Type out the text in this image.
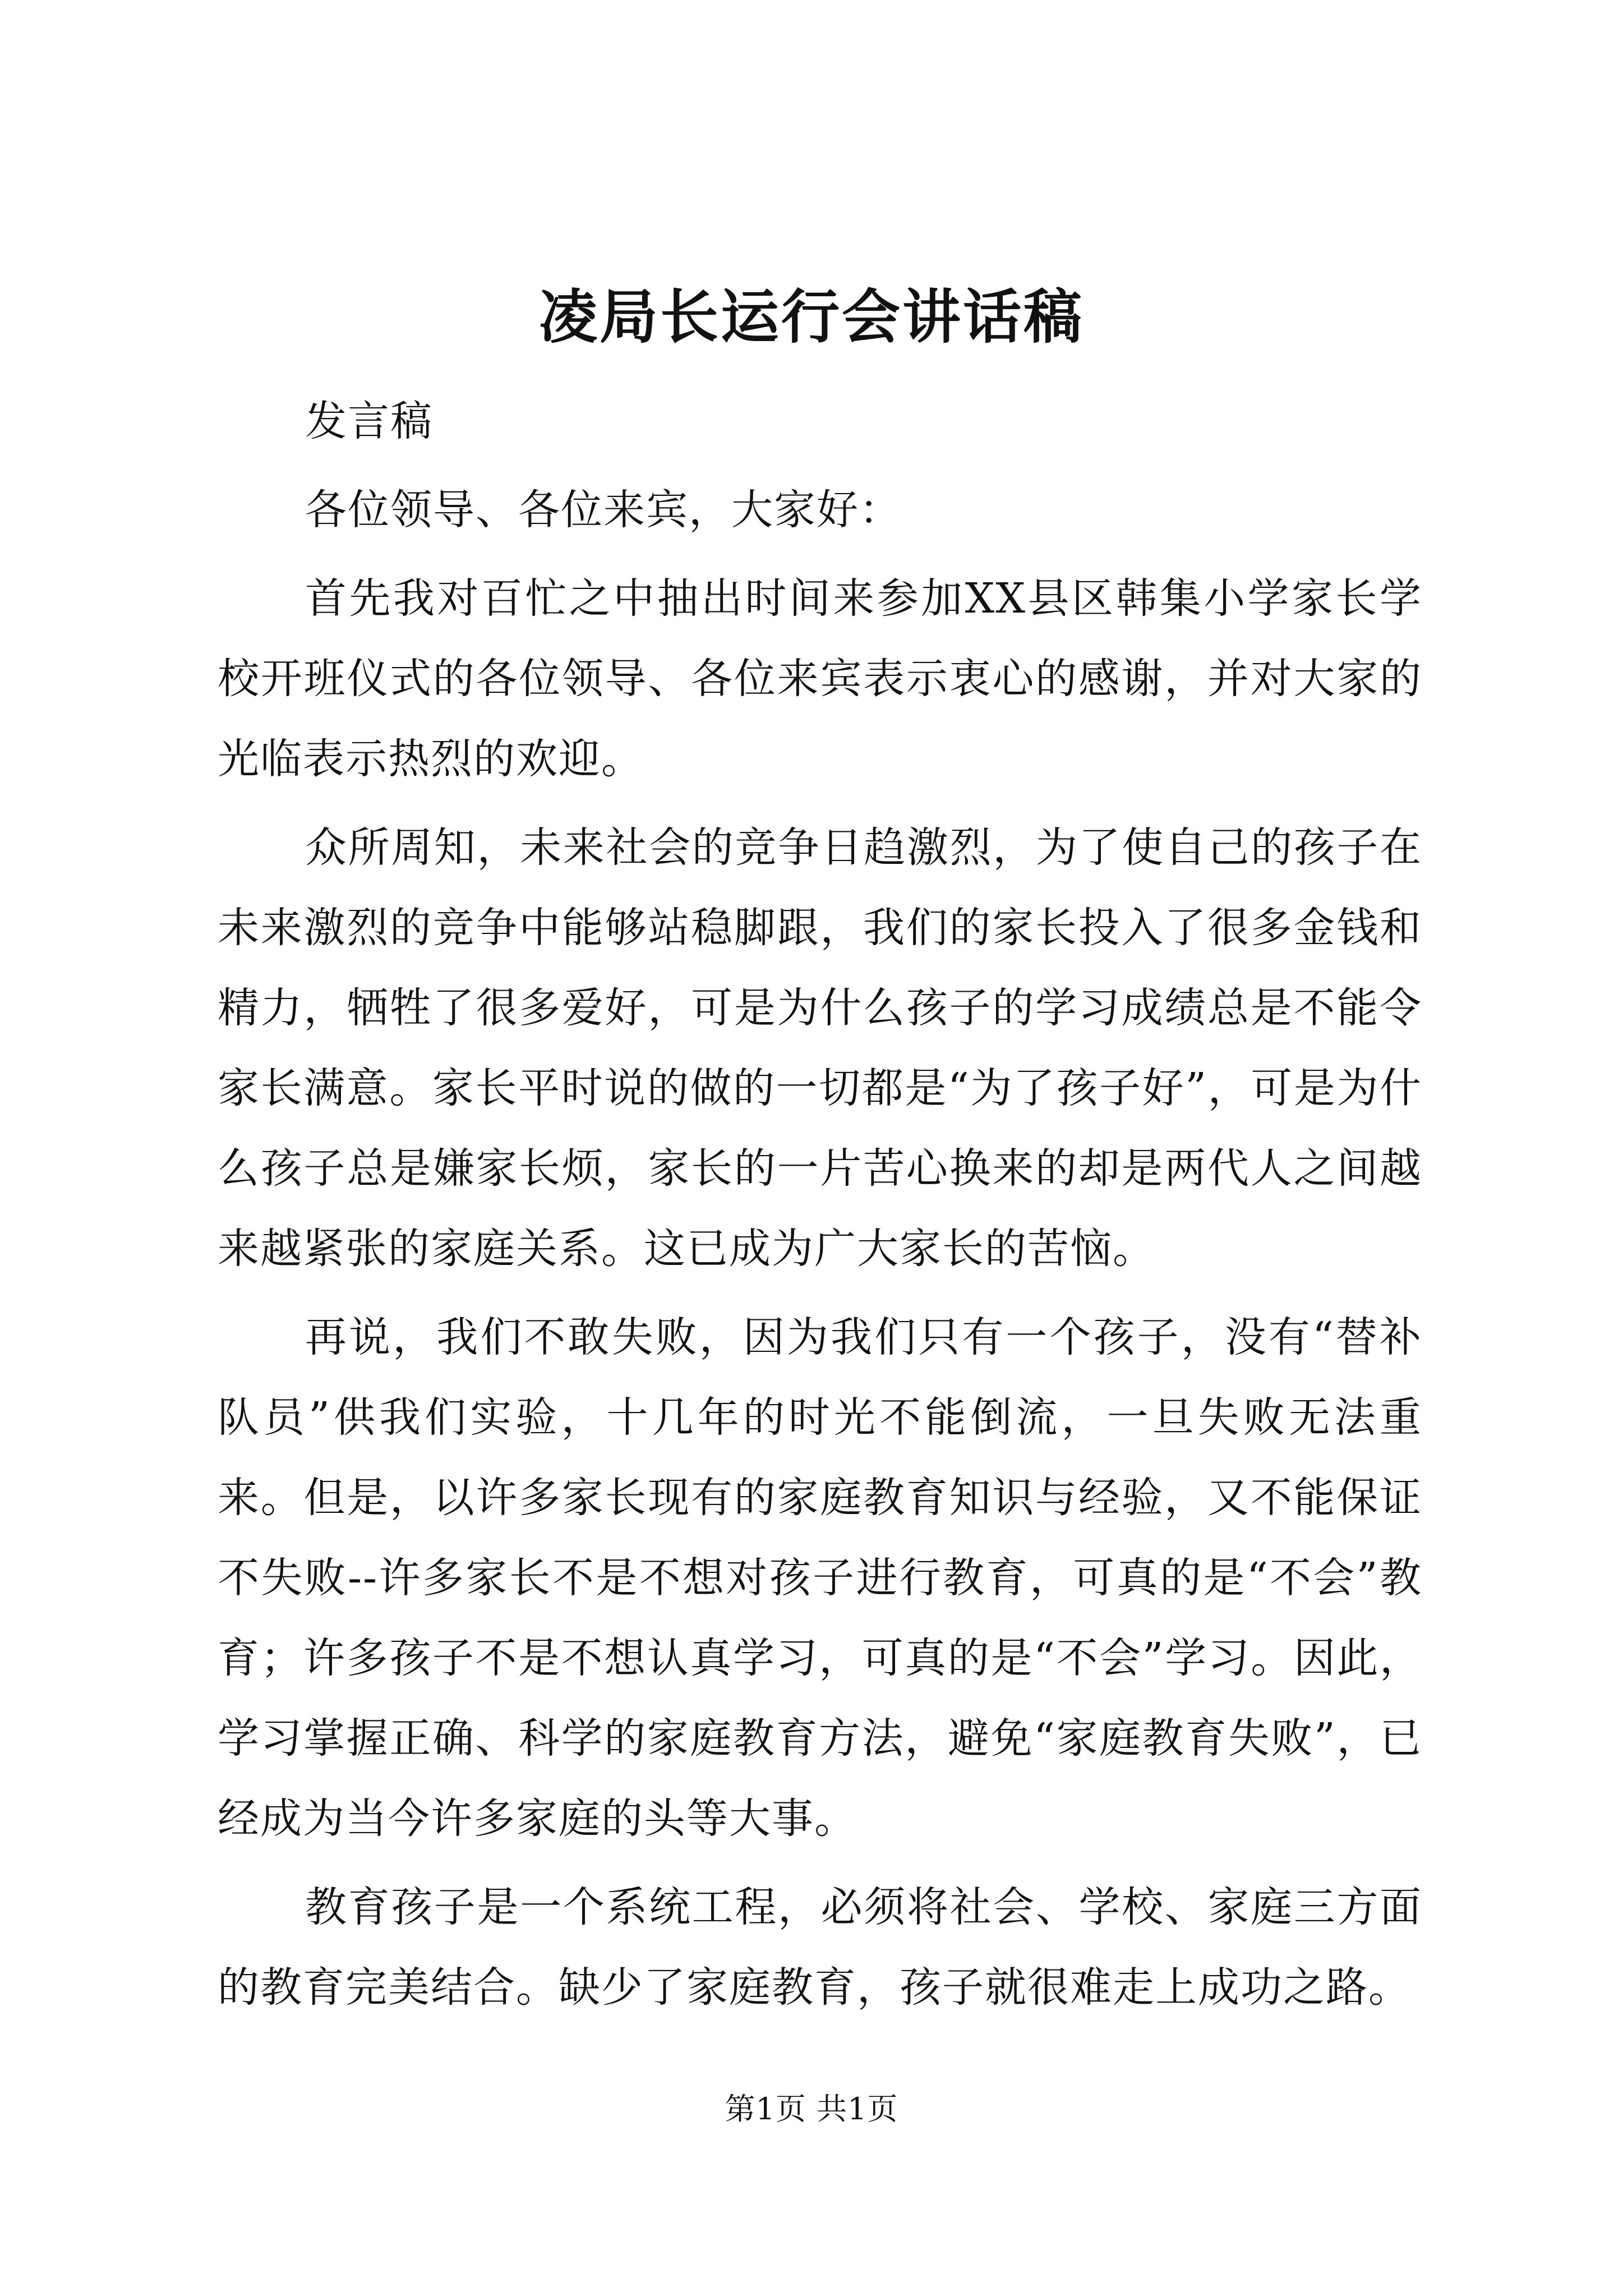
凌局长运行会讲话稿

发言稿

各位领导、各位来宾，大家好：

首先我对百忙之中抽出时间来参加XX县区韩集小学家长学校开班仪式的各位领导、各位来宾表示衷心的感谢，并对大家的光临表示热烈的欢迎。

众所周知，未来社会的竞争日趋激烈，为了使自己的孩子在未来激烈的竞争中能够站稳脚跟，我们的家长投入了很多金钱和精力，牺牲了很多爱好，可是为什么孩子的学习成绩总是不能令家长满意。家长平时说的做的一切都是“为了孩子好”，可是为什么孩子总是嫌家长烦，家长的一片苦心换来的却是两代人之间越来越紧张的家庭关系。这已成为广大家长的苦恼。

再说，我们不敢失败，因为我们只有一个孩子，没有“替补队员”供我们实验，十几年的时光不能倒流，一旦失败无法重来。但是，以许多家长现有的家庭教育知识与经验，又不能保证不失败--许多家长不是不想对孩子进行教育，可真的是“不会”教育；许多孩子不是不想认真学习，可真的是“不会”学习。因此，学习掌握正确、科学的家庭教育方法，避免“家庭教育失败”，已经成为当今许多家庭的头等大事。

教育孩子是一个系统工程，必须将社会、学校、家庭三方面的教育完美结合。缺少了家庭教育，孩子就很难走上成功之路。

第1页 共1页
